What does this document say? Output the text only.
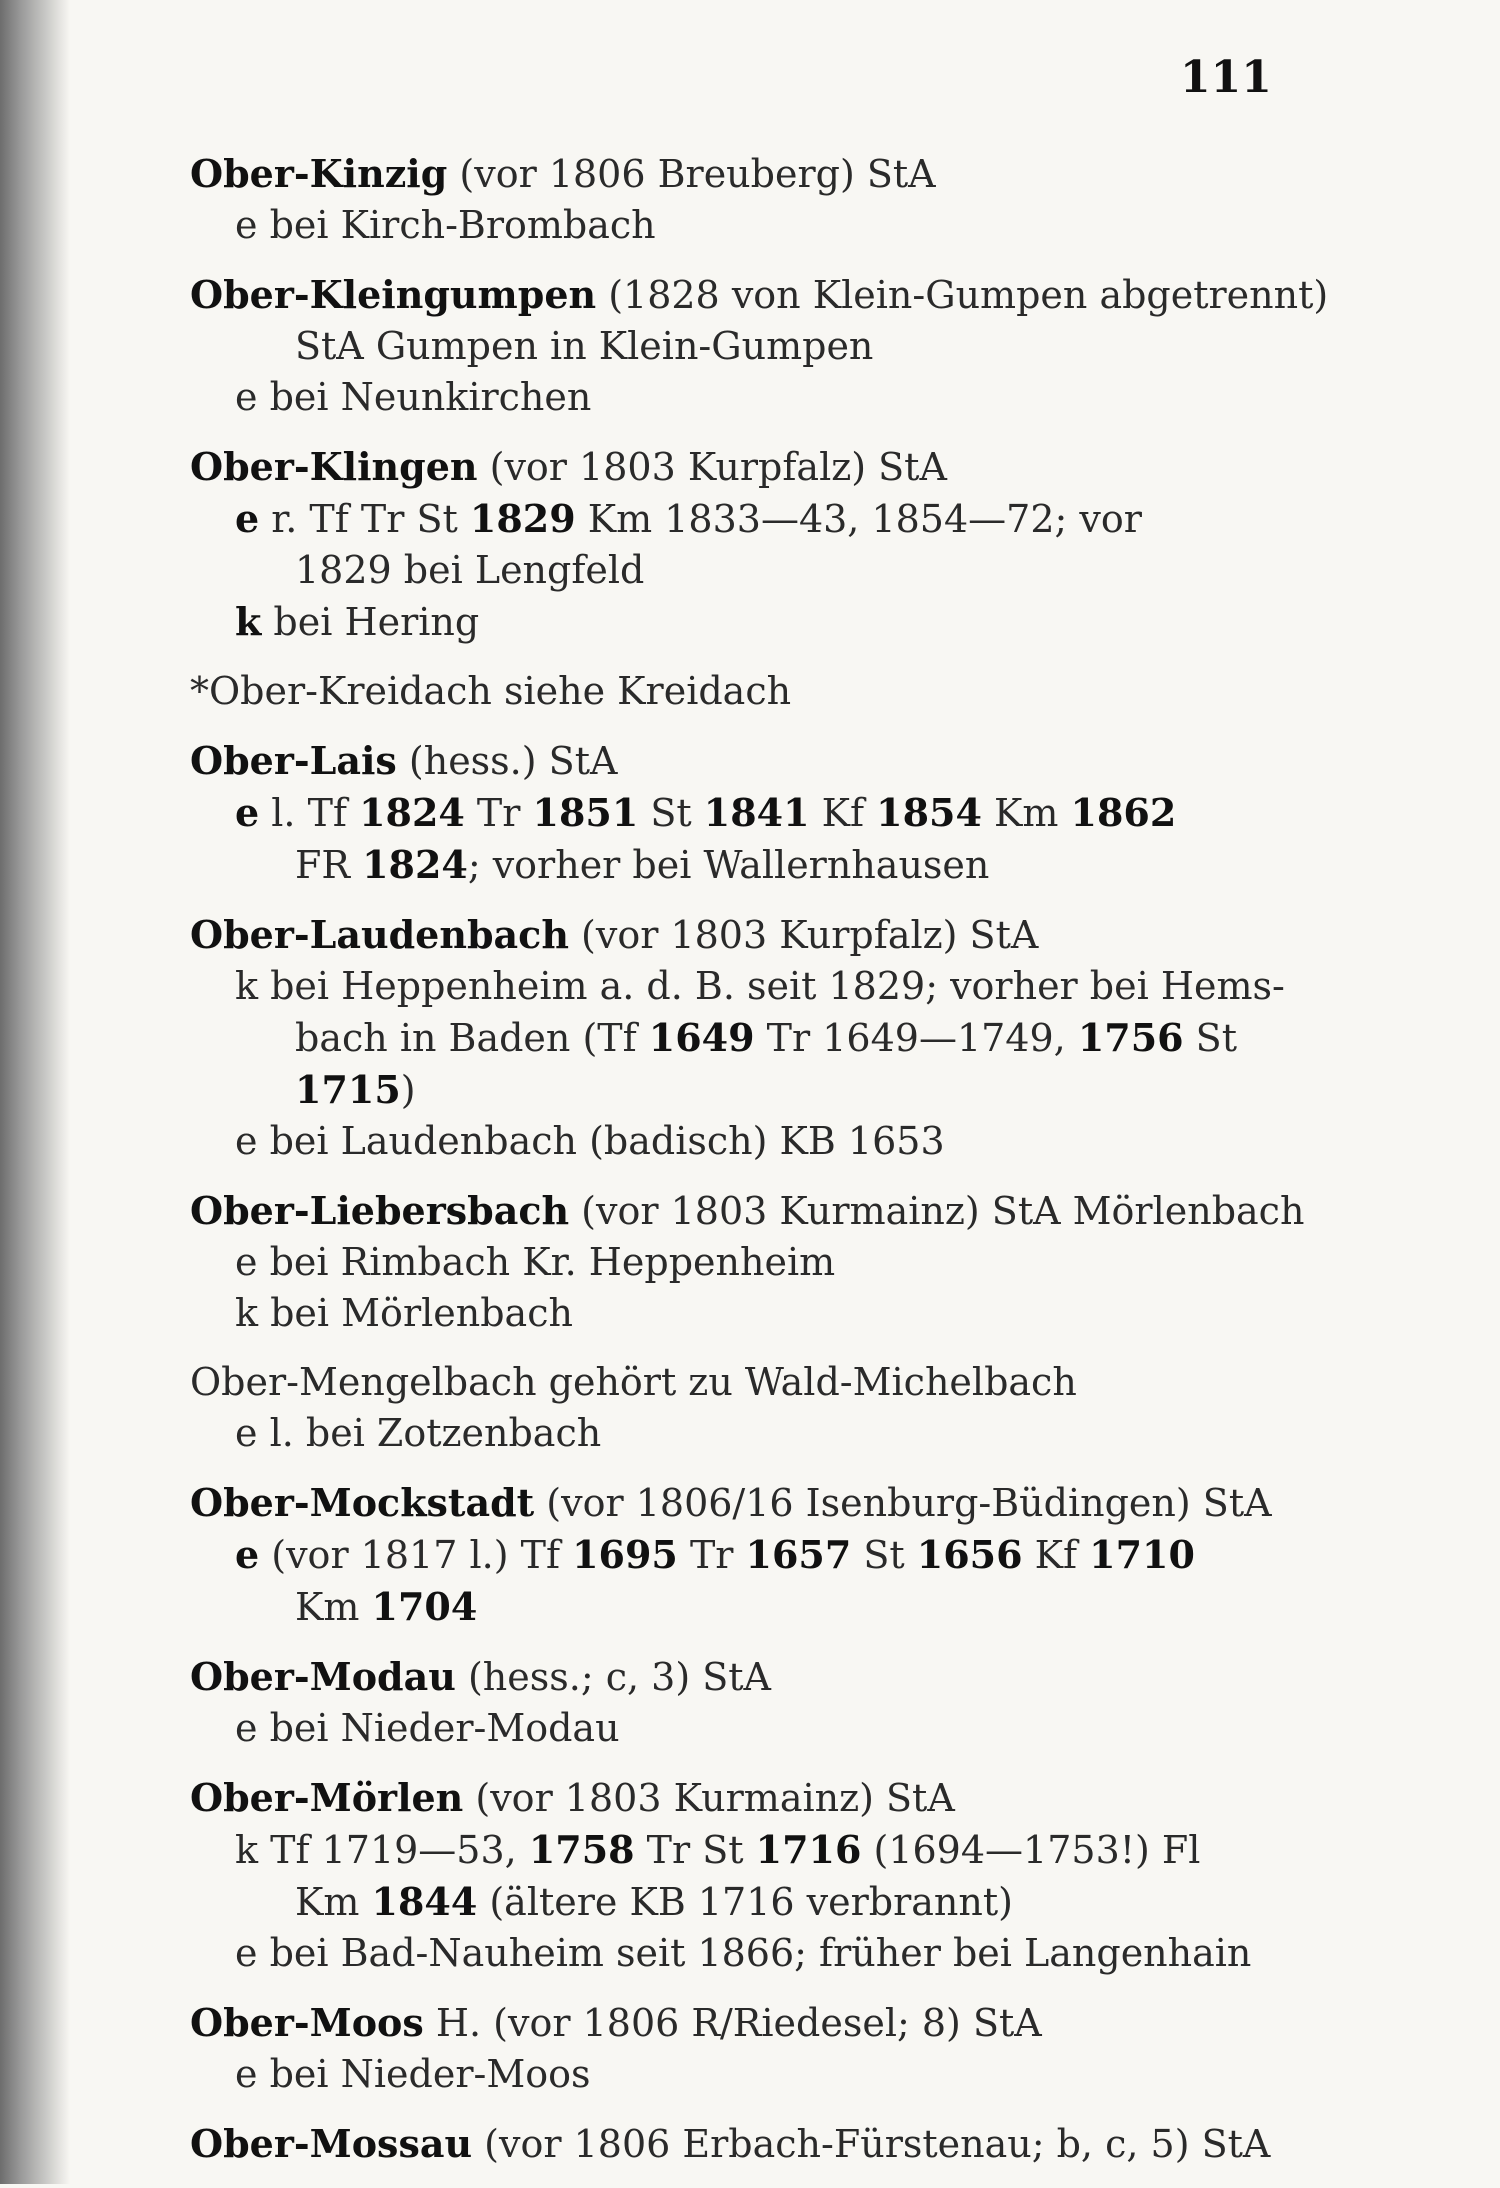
111
Ober-Kinzig (vor 1806 Breuberg) StA
e bei Kirch-Brombach
Ober-Kleingumpen (1828 von Klein-Gumpen abgetrennt)
StA Gumpen in Klein-Gumpen
e bei Neunkirchen
Ober-Klingen (vor 1803 Kurpfalz) StA
e r. Tf Tr St 1829 Km 1833—43, 1854—72; vor
1829 bei Lengfeld
k bei Hering
*Ober-Kreidach siehe Kreidach
Ober-Lais (hess.) StA
e l. Tf 1824 Tr 1851 St 1841 Kf 1854 Km 1862
FR 1824; vorher bei Wallernhausen
Ober-Laudenbach (vor 1803 Kurpfalz) StA
k bei Heppenheim a. d. B. seit 1829; vorher bei Hems-
bach in Baden (Tf 1649 Tr 1649—1749, 1756 St
1715)
e bei Laudenbach (badisch) KB 1653
Ober-Liebersbach (vor 1803 Kurmainz) StA Mörlenbach
e bei Rimbach Kr. Heppenheim
k bei Mörlenbach
Ober-Mengelbach gehört zu Wald-Michelbach
e l. bei Zotzenbach
Ober-Mockstadt (vor 1806/16 Isenburg-Büdingen) StA
e (vor 1817 l.) Tf 1695 Tr 1657 St 1656 Kf 1710
Km 1704
Ober-Modau (hess.; c, 3) StA
e bei Nieder-Modau
Ober-Mörlen (vor 1803 Kurmainz) StA
k Tf 1719—53, 1758 Tr St 1716 (1694—1753!) Fl
Km 1844 (ältere KB 1716 verbrannt)
e bei Bad-Nauheim seit 1866; früher bei Langenhain
Ober-Moos H. (vor 1806 R/Riedesel; 8) StA
e bei Nieder-Moos
Ober-Mossau (vor 1806 Erbach-Fürstenau; b, c, 5) StA
